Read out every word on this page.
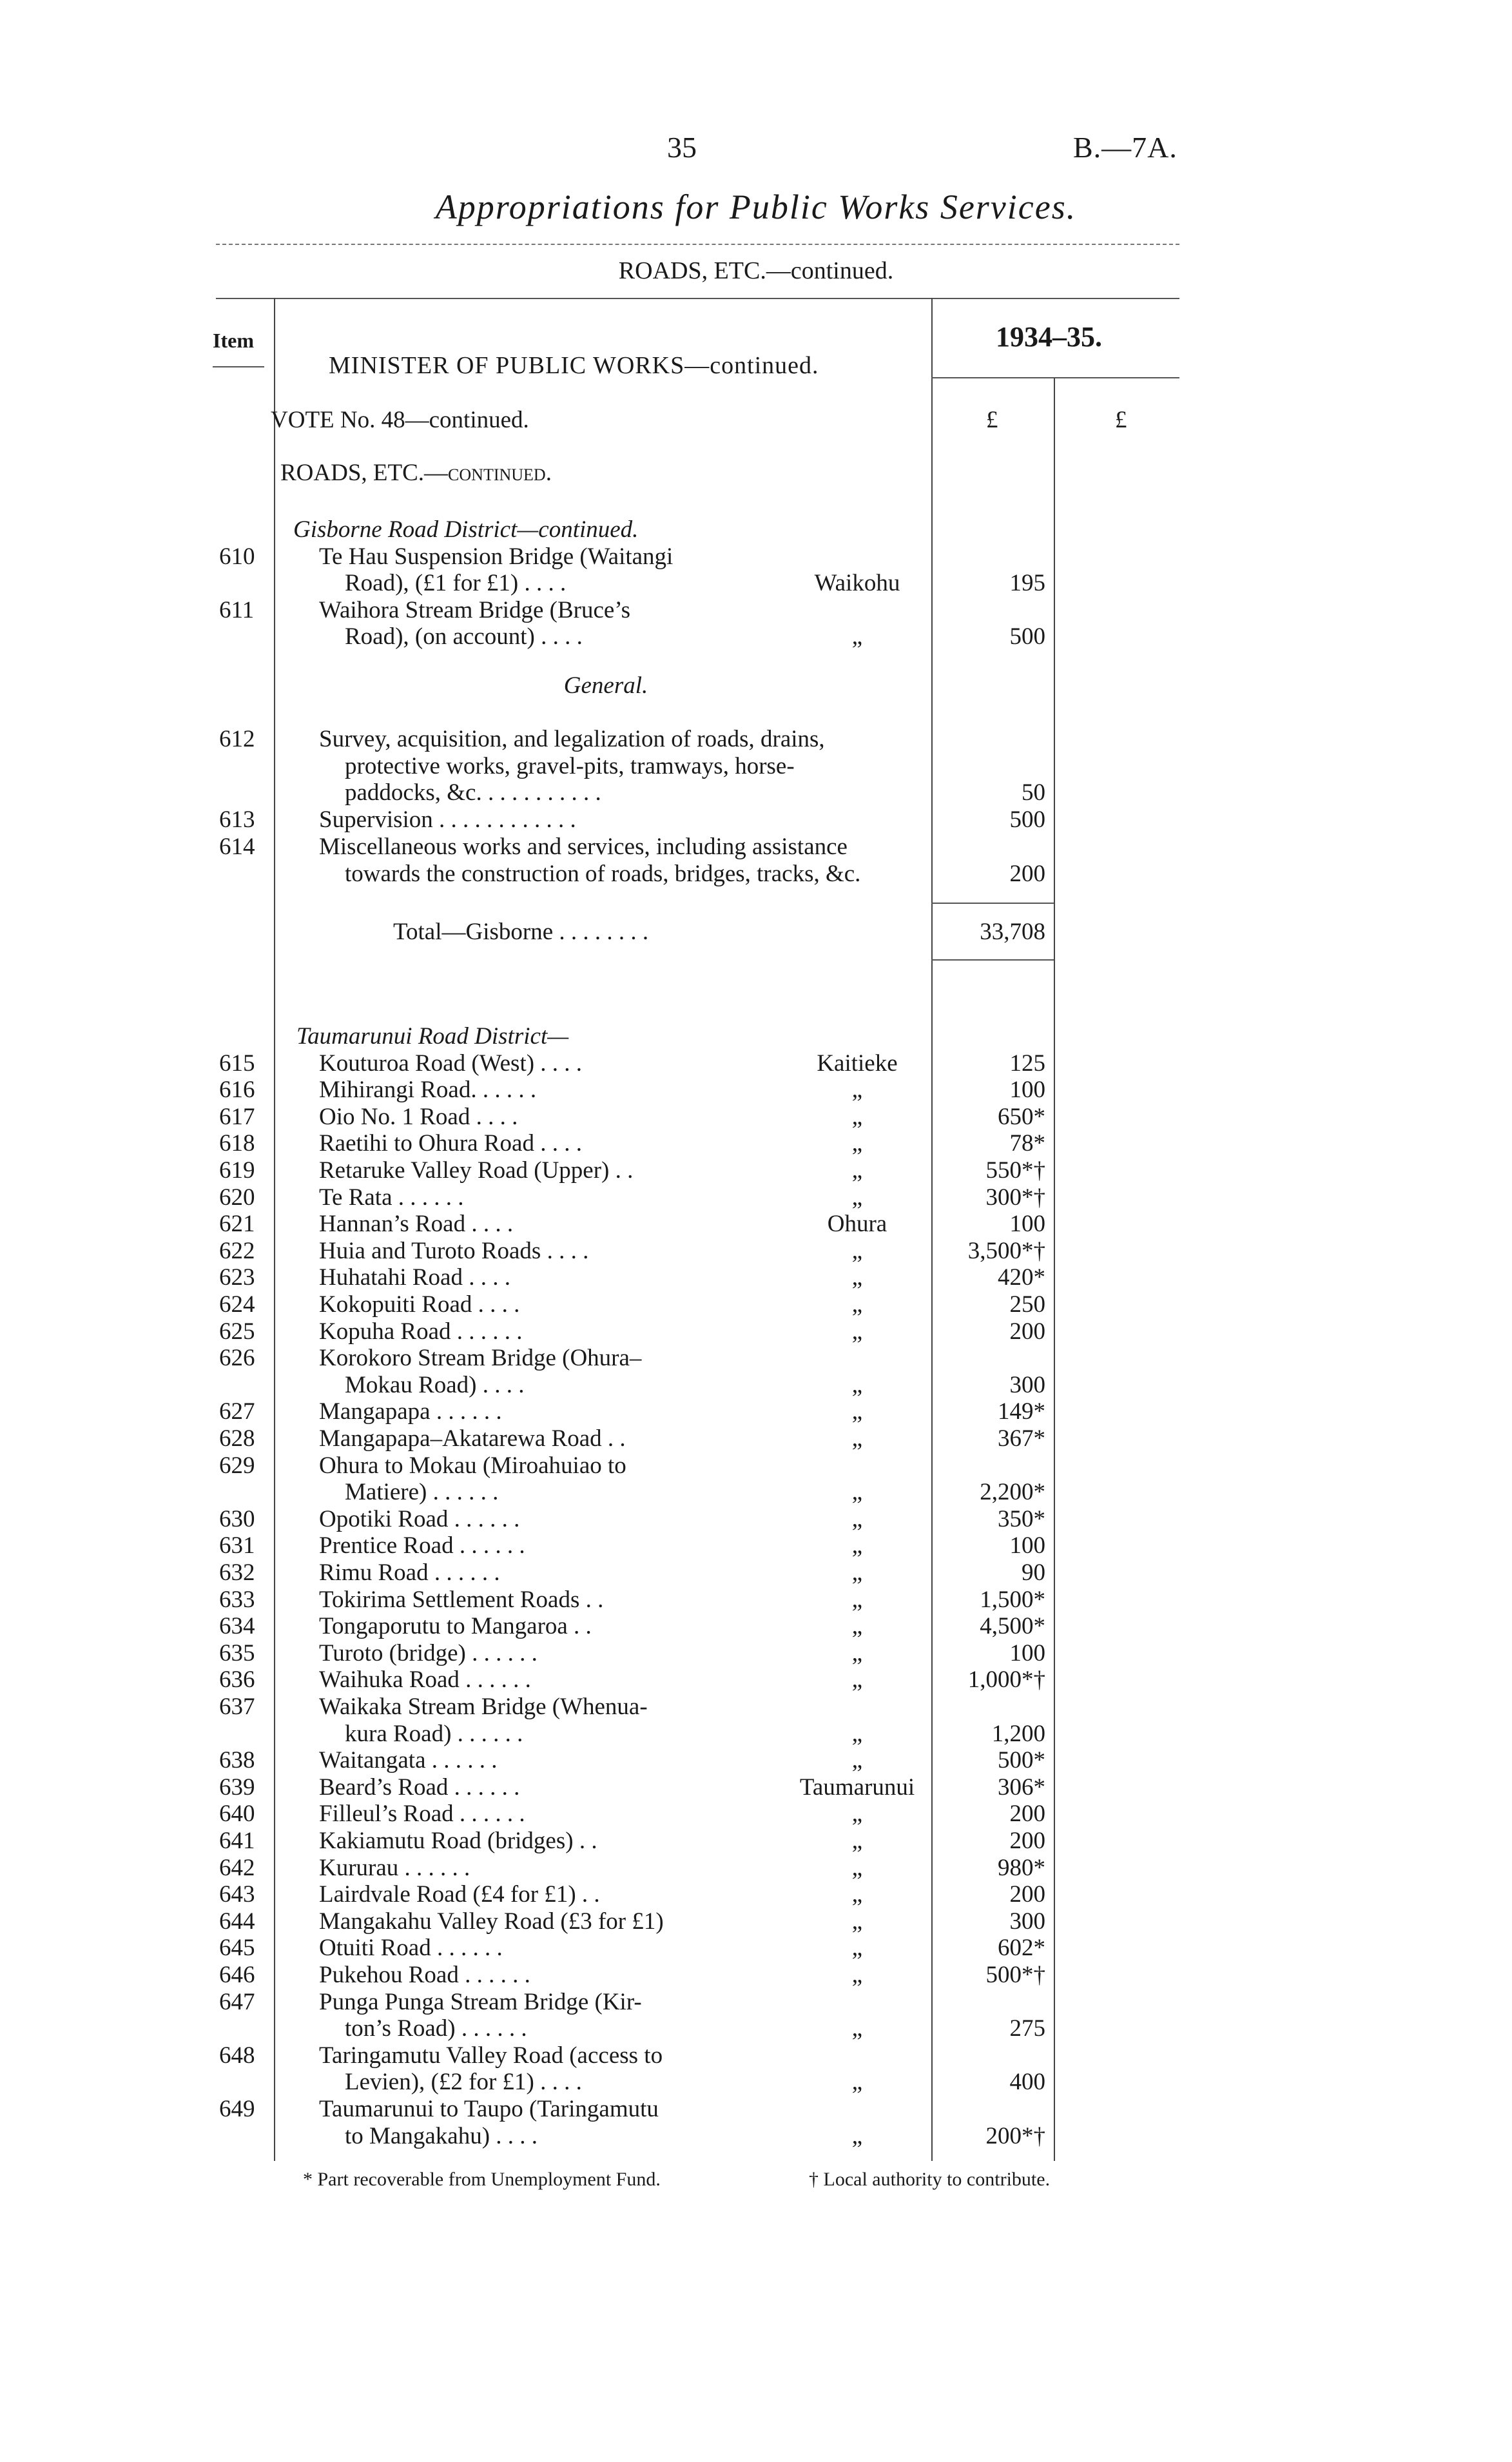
35	B.—7A.
Appropriations for Public Works Services.
ROADS, ETC.—continued.
Item
MINISTER OF PUBLIC WORKS—continued.
1934–35.
VOTE No. 48—continued.	£	£
ROADS, ETC.—continued.
Gisborne Road District—continued.
610	Te Hau Suspension Bridge (Waitangi
Road), (£1 for £1) . . . .	Waikohu	195
611	Waihora Stream Bridge (Bruce’s
Road), (on account) . . . .	„	500
General.
612	Survey, acquisition, and legalization of roads, drains,
protective works, gravel-pits, tramways, horse-
paddocks, &c. . . . . . . . . . .	50
613	Supervision . . . . . . . . . . . .	500
614	Miscellaneous works and services, including assistance
towards the construction of roads, bridges, tracks, &c.	200
Total—Gisborne . . . . . . . .	33,708
Taumarunui Road District—
615	Kouturoa Road (West) . . . .	Kaitieke	125
616	Mihirangi Road. . . . . .	„	100
617	Oio No. 1 Road . . . .	„	650*
618	Raetihi to Ohura Road . . . .	„	78*
619	Retaruke Valley Road (Upper) . .	„	550*†
620	Te Rata . . . . . .	„	300*†
621	Hannan’s Road . . . .	Ohura	100
622	Huia and Turoto Roads . . . .	„	3,500*†
623	Huhatahi Road . . . .	„	420*
624	Kokopuiti Road . . . .	„	250
625	Kopuha Road . . . . . .	„	200
626	Korokoro Stream Bridge (Ohura–
Mokau Road) . . . .	„	300
627	Mangapapa . . . . . .	„	149*
628	Mangapapa–Akatarewa Road . .	„	367*
629	Ohura to Mokau (Miroahuiao to
Matiere) . . . . . .	„	2,200*
630	Opotiki Road . . . . . .	„	350*
631	Prentice Road . . . . . .	„	100
632	Rimu Road . . . . . .	„	90
633	Tokirima Settlement Roads . .	„	1,500*
634	Tongaporutu to Mangaroa . .	„	4,500*
635	Turoto (bridge) . . . . . .	„	100
636	Waihuka Road . . . . . .	„	1,000*†
637	Waikaka Stream Bridge (Whenua-
kura Road) . . . . . .	„	1,200
638	Waitangata . . . . . .	„	500*
639	Beard’s Road . . . . . .	Taumarunui	306*
640	Filleul’s Road . . . . . .	„	200
641	Kakiamutu Road (bridges) . .	„	200
642	Kururau . . . . . .	„	980*
643	Lairdvale Road (£4 for £1) . .	„	200
644	Mangakahu Valley Road (£3 for £1)	„	300
645	Otuiti Road . . . . . .	„	602*
646	Pukehou Road . . . . . .	„	500*†
647	Punga Punga Stream Bridge (Kir-
ton’s Road) . . . . . .	„	275
648	Taringamutu Valley Road (access to
Levien), (£2 for £1) . . . .	„	400
649	Taumarunui to Taupo (Taringamutu
to Mangakahu) . . . .	„	200*†
* Part recoverable from Unemployment Fund.	† Local authority to contribute.
